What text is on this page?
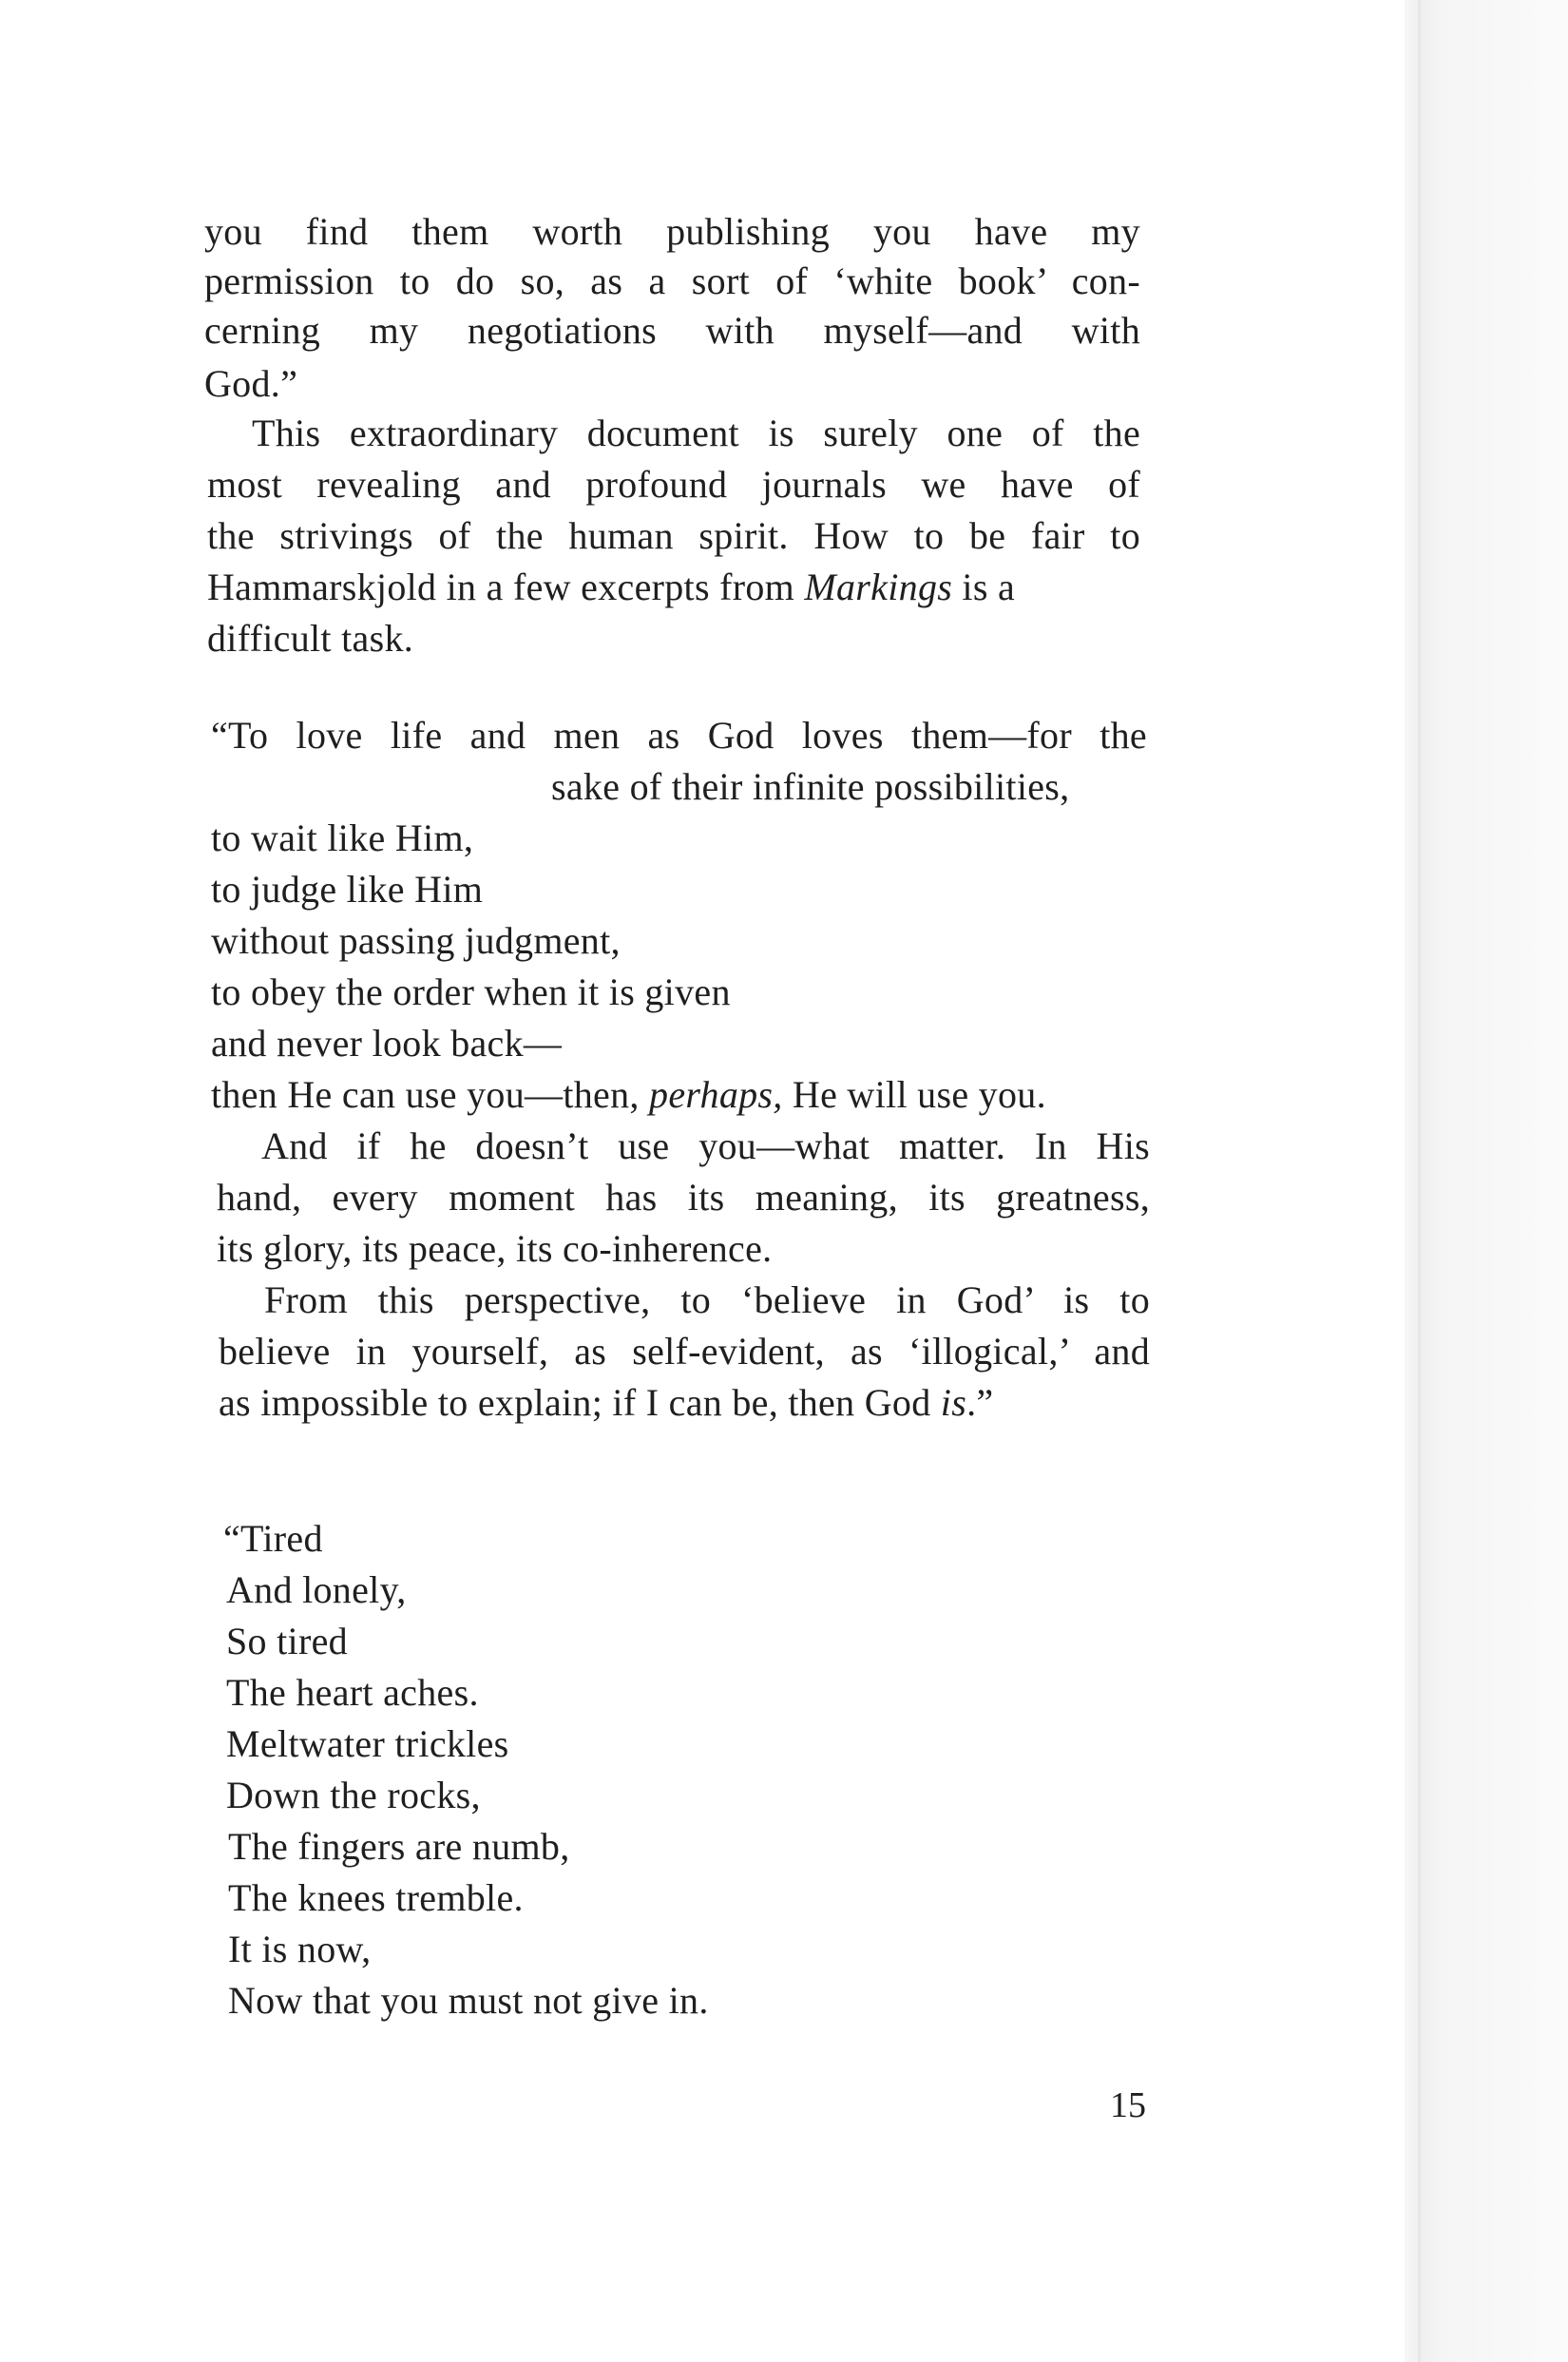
you find them worth publishing you have my
permission to do so, as a sort of ‘white book’ con-
cerning my negotiations with myself—and with
God.”
This extraordinary document is surely one of the
most revealing and profound journals we have of
the strivings of the human spirit. How to be fair to
Hammarskjold in a few excerpts from Markings is a
difficult task.
“To love life and men as God loves them—for the
sake of their infinite possibilities,
to wait like Him,
to judge like Him
without passing judgment,
to obey the order when it is given
and never look back—
then He can use you—then, perhaps, He will use you.
And if he doesn’t use you—what matter. In His
hand, every moment has its meaning, its greatness,
its glory, its peace, its co-inherence.
From this perspective, to ‘believe in God’ is to
believe in yourself, as self-evident, as ‘illogical,’ and
as impossible to explain; if I can be, then God is.”
“Tired
And lonely,
So tired
The heart aches.
Meltwater trickles
Down the rocks,
The fingers are numb,
The knees tremble.
It is now,
Now that you must not give in.
15
